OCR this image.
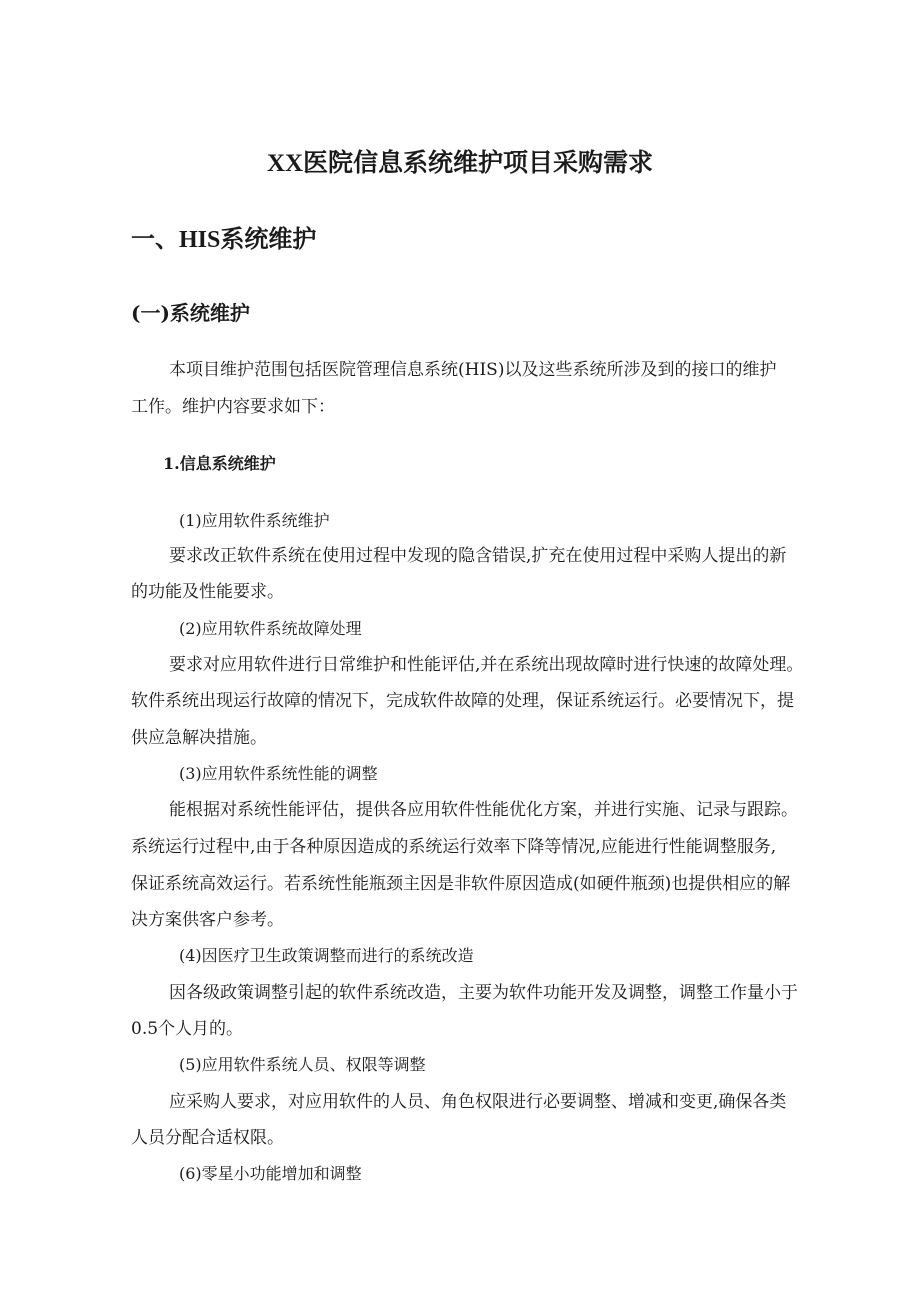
XX医院信息系统维护项目采购需求
一、HIS系统维护
(一)系统维护

本项目维护范围包括医院管理信息系统(HIS)以及这些系统所涉及到的接口的维护

工作。维护内容要求如下：

1.信息系统维护

(1)应用软件系统维护

要求改正软件系统在使用过程中发现的隐含错误,扩充在使用过程中采购人提出的新

的功能及性能要求。

(2)应用软件系统故障处理

要求对应用软件进行日常维护和性能评估,并在系统出现故障时进行快速的故障处理。

软件系统出现运行故障的情况下，完成软件故障的处理，保证系统运行。必要情况下，提

供应急解决措施。

(3)应用软件系统性能的调整

能根据对系统性能评估，提供各应用软件性能优化方案，并进行实施、记录与跟踪。

系统运行过程中,由于各种原因造成的系统运行效率下降等情况,应能进行性能调整服务,

保证系统高效运行。若系统性能瓶颈主因是非软件原因造成(如硬件瓶颈)也提供相应的解

决方案供客户参考。

(4)因医疗卫生政策调整而进行的系统改造

因各级政策调整引起的软件系统改造，主要为软件功能开发及调整，调整工作量小于

0.5个人月的。

(5)应用软件系统人员、权限等调整

应采购人要求，对应用软件的人员、角色权限进行必要调整、增减和变更,确保各类

人员分配合适权限。

(6)零星小功能增加和调整
